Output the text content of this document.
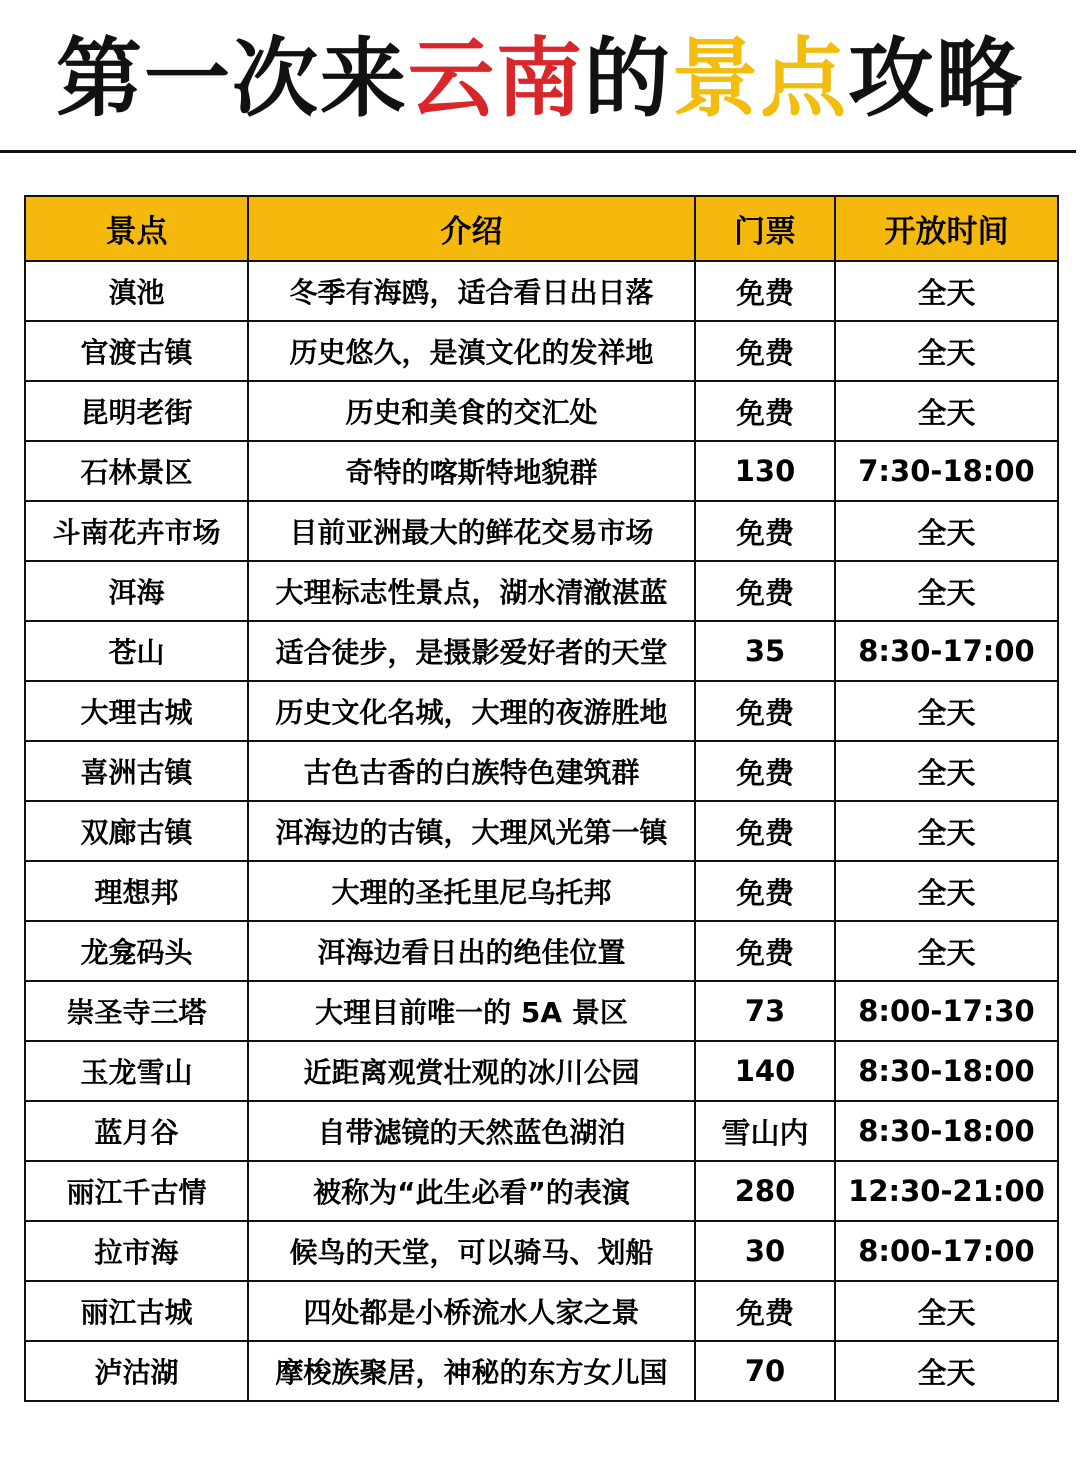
第一次来云南的景点攻略
景点	介绍	门票	开放时间
滇池	冬季有海鸥，适合看日出日落	免费	全天
官渡古镇	历史悠久，是滇文化的发祥地	免费	全天
昆明老街	历史和美食的交汇处	免费	全天
石林景区	奇特的喀斯特地貌群	130	7:30-18:00
斗南花卉市场	目前亚洲最大的鲜花交易市场	免费	全天
洱海	大理标志性景点，湖水清澈湛蓝	免费	全天
苍山	适合徒步，是摄影爱好者的天堂	35	8:30-17:00
大理古城	历史文化名城，大理的夜游胜地	免费	全天
喜洲古镇	古色古香的白族特色建筑群	免费	全天
双廊古镇	洱海边的古镇，大理风光第一镇	免费	全天
理想邦	大理的圣托里尼乌托邦	免费	全天
龙龛码头	洱海边看日出的绝佳位置	免费	全天
崇圣寺三塔	大理目前唯一的 5A 景区	73	8:00-17:30
玉龙雪山	近距离观赏壮观的冰川公园	140	8:30-18:00
蓝月谷	自带滤镜的天然蓝色湖泊	雪山内	8:30-18:00
丽江千古情	被称为“此生必看”的表演	280	12:30-21:00
拉市海	候鸟的天堂，可以骑马、划船	30	8:00-17:00
丽江古城	四处都是小桥流水人家之景	免费	全天
泸沽湖	摩梭族聚居，神秘的东方女儿国	70	全天
